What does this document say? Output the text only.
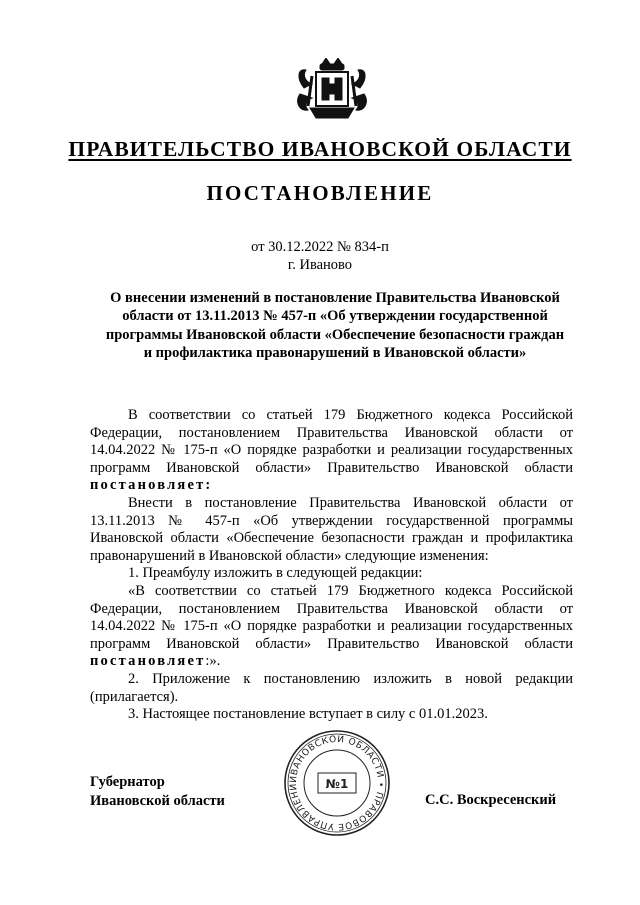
ПРАВИТЕЛЬСТВО ИВАНОВСКОЙ ОБЛАСТИ
ПОСТАНОВЛЕНИЕ
от 30.12.2022 № 834-п
г. Иваново
О внесении изменений в постановление Правительства Ивановской области от 13.11.2013 № 457-п «Об утверждении государственной программы Ивановской области «Обеспечение безопасности граждан и профилактика правонарушений в Ивановской области»

В соответствии со статьей 179 Бюджетного кодекса Российской Федерации, постановлением Правительства Ивановской области от 14.04.2022 № 175-п «О порядке разработки и реализации государственных программ Ивановской области» Правительство Ивановской области постановляет:

Внести в постановление Правительства Ивановской области от 13.11.2013 № 457-п «Об утверждении государственной программы Ивановской области «Обеспечение безопасности граждан и профилактика правонарушений в Ивановской области» следующие изменения:

1. Преамбулу изложить в следующей редакции:

«В соответствии со статьей 179 Бюджетного кодекса Российской Федерации, постановлением Правительства Ивановской области от 14.04.2022 № 175-п «О порядке разработки и реализации государственных программ Ивановской области» Правительство Ивановской области постановляет:».

2. Приложение к постановлению изложить в новой редакции (прилагается).

3. Настоящее постановление вступает в силу с 01.01.2023.

Губернатор
Ивановской области
ИВАНОВСКОЙ ОБЛАСТИ • ПРАВОВОЕ УПРАВЛЕНИ	№1
С.С. Воскресенский
